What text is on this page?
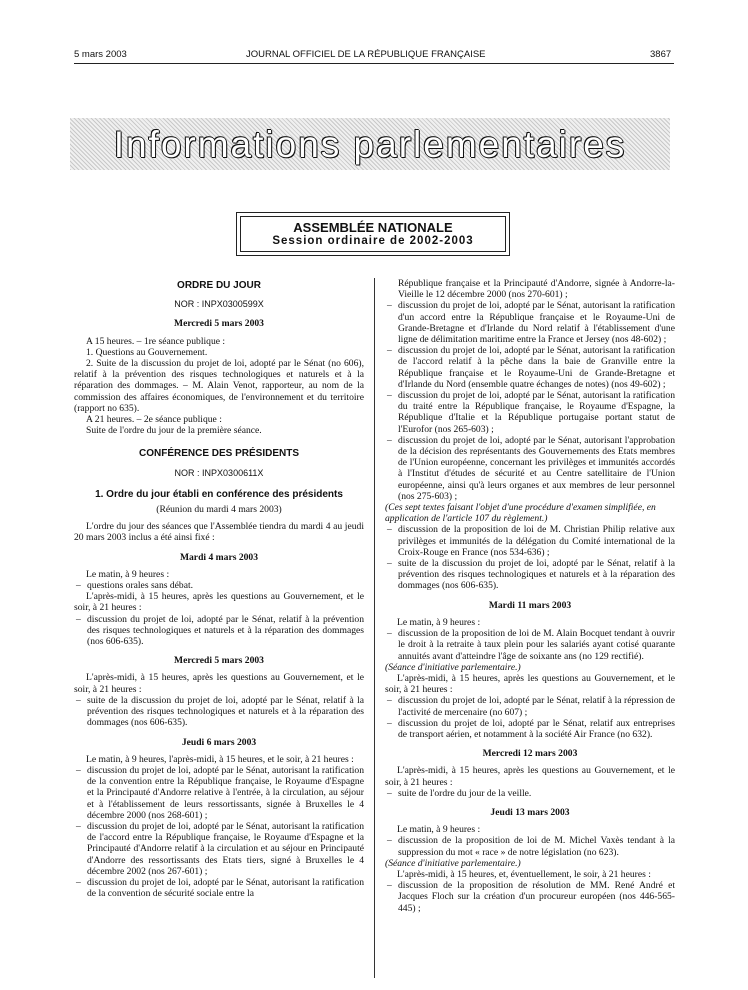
5 mars 2003	JOURNAL OFFICIEL DE LA RÉPUBLIQUE FRANÇAISE	3867
Informations parlementaires
ASSEMBLÉE NATIONALE
Session ordinaire de 2002-2003
ORDRE DU JOUR
NOR : INPX0300599X
Mercredi 5 mars 2003

A 15 heures. – 1re séance publique :

1. Questions au Gouvernement.

2. Suite de la discussion du projet de loi, adopté par le Sénat (no 606), relatif à la prévention des risques technologiques et naturels et à la réparation des dommages. – M. Alain Venot, rapporteur, au nom de la commission des affaires économiques, de l'environnement et du territoire (rapport no 635).

A 21 heures. – 2e séance publique :

Suite de l'ordre du jour de la première séance.

CONFÉRENCE DES PRÉSIDENTS
NOR : INPX0300611X
1. Ordre du jour établi en conférence des présidents
(Réunion du mardi 4 mars 2003)

L'ordre du jour des séances que l'Assemblée tiendra du mardi 4 au jeudi 20 mars 2003 inclus a été ainsi fixé :

Mardi 4 mars 2003

Le matin, à 9 heures :

– questions orales sans débat.

L'après-midi, à 15 heures, après les questions au Gouvernement, et le soir, à 21 heures :

– discussion du projet de loi, adopté par le Sénat, relatif à la prévention des risques technologiques et naturels et à la réparation des dommages (nos 606-635).
Mercredi 5 mars 2003

L'après-midi, à 15 heures, après les questions au Gouvernement, et le soir, à 21 heures :

– suite de la discussion du projet de loi, adopté par le Sénat, relatif à la prévention des risques technologiques et naturels et à la réparation des dommages (nos 606-635).
Jeudi 6 mars 2003

Le matin, à 9 heures, l'après-midi, à 15 heures, et le soir, à 21 heures :

– discussion du projet de loi, adopté par le Sénat, autorisant la ratification de la convention entre la République française, le Royaume d'Espagne et la Principauté d'Andorre relative à l'entrée, à la circulation, au séjour et à l'établissement de leurs ressortissants, signée à Bruxelles le 4 décembre 2000 (nos 268-601) ;
– discussion du projet de loi, adopté par le Sénat, autorisant la ratification de l'accord entre la République française, le Royaume d'Espagne et la Principauté d'Andorre relatif à la circulation et au séjour en Principauté d'Andorre des ressortissants des Etats tiers, signé à Bruxelles le 4 décembre 2002 (nos 267-601) ;
– discussion du projet de loi, adopté par le Sénat, autorisant la ratification de la convention de sécurité sociale entre la

République française et la Principauté d'Andorre, signée à Andorre-la-Vieille le 12 décembre 2000 (nos 270-601) ;

– discussion du projet de loi, adopté par le Sénat, autorisant la ratification d'un accord entre la République française et le Royaume-Uni de Grande-Bretagne et d'Irlande du Nord relatif à l'établissement d'une ligne de délimitation maritime entre la France et Jersey (nos 48-602) ;
– discussion du projet de loi, adopté par le Sénat, autorisant la ratification de l'accord relatif à la pêche dans la baie de Granville entre la République française et le Royaume-Uni de Grande-Bretagne et d'Irlande du Nord (ensemble quatre échanges de notes) (nos 49-602) ;
– discussion du projet de loi, adopté par le Sénat, autorisant la ratification du traité entre la République française, le Royaume d'Espagne, la République d'Italie et la République portugaise portant statut de l'Eurofor (nos 265-603) ;
– discussion du projet de loi, adopté par le Sénat, autorisant l'approbation de la décision des représentants des Gouvernements des Etats membres de l'Union européenne, concernant les privilèges et immunités accordés à l'Institut d'études de sécurité et au Centre satellitaire de l'Union européenne, ainsi qu'à leurs organes et aux membres de leur personnel (nos 275-603) ;

(Ces sept textes faisant l'objet d'une procédure d'examen simplifiée, en application de l'article 107 du règlement.)

– discussion de la proposition de loi de M. Christian Philip relative aux privilèges et immunités de la délégation du Comité international de la Croix-Rouge en France (nos 534-636) ;
– suite de la discussion du projet de loi, adopté par le Sénat, relatif à la prévention des risques technologiques et naturels et à la réparation des dommages (nos 606-635).
Mardi 11 mars 2003

Le matin, à 9 heures :

– discussion de la proposition de loi de M. Alain Bocquet tendant à ouvrir le droit à la retraite à taux plein pour les salariés ayant cotisé quarante annuités avant d'atteindre l'âge de soixante ans (no 129 rectifié).

(Séance d'initiative parlementaire.)

L'après-midi, à 15 heures, après les questions au Gouvernement, et le soir, à 21 heures :

– discussion du projet de loi, adopté par le Sénat, relatif à la répression de l'activité de mercenaire (no 607) ;
– discussion du projet de loi, adopté par le Sénat, relatif aux entreprises de transport aérien, et notamment à la société Air France (no 632).
Mercredi 12 mars 2003

L'après-midi, à 15 heures, après les questions au Gouvernement, et le soir, à 21 heures :

– suite de l'ordre du jour de la veille.
Jeudi 13 mars 2003

Le matin, à 9 heures :

– discussion de la proposition de loi de M. Michel Vaxès tendant à la suppression du mot « race » de notre législation (no 623).

(Séance d'initiative parlementaire.)

L'après-midi, à 15 heures, et, éventuellement, le soir, à 21 heures :

– discussion de la proposition de résolution de MM. René André et Jacques Floch sur la création d'un procureur européen (nos 446-565-445) ;
